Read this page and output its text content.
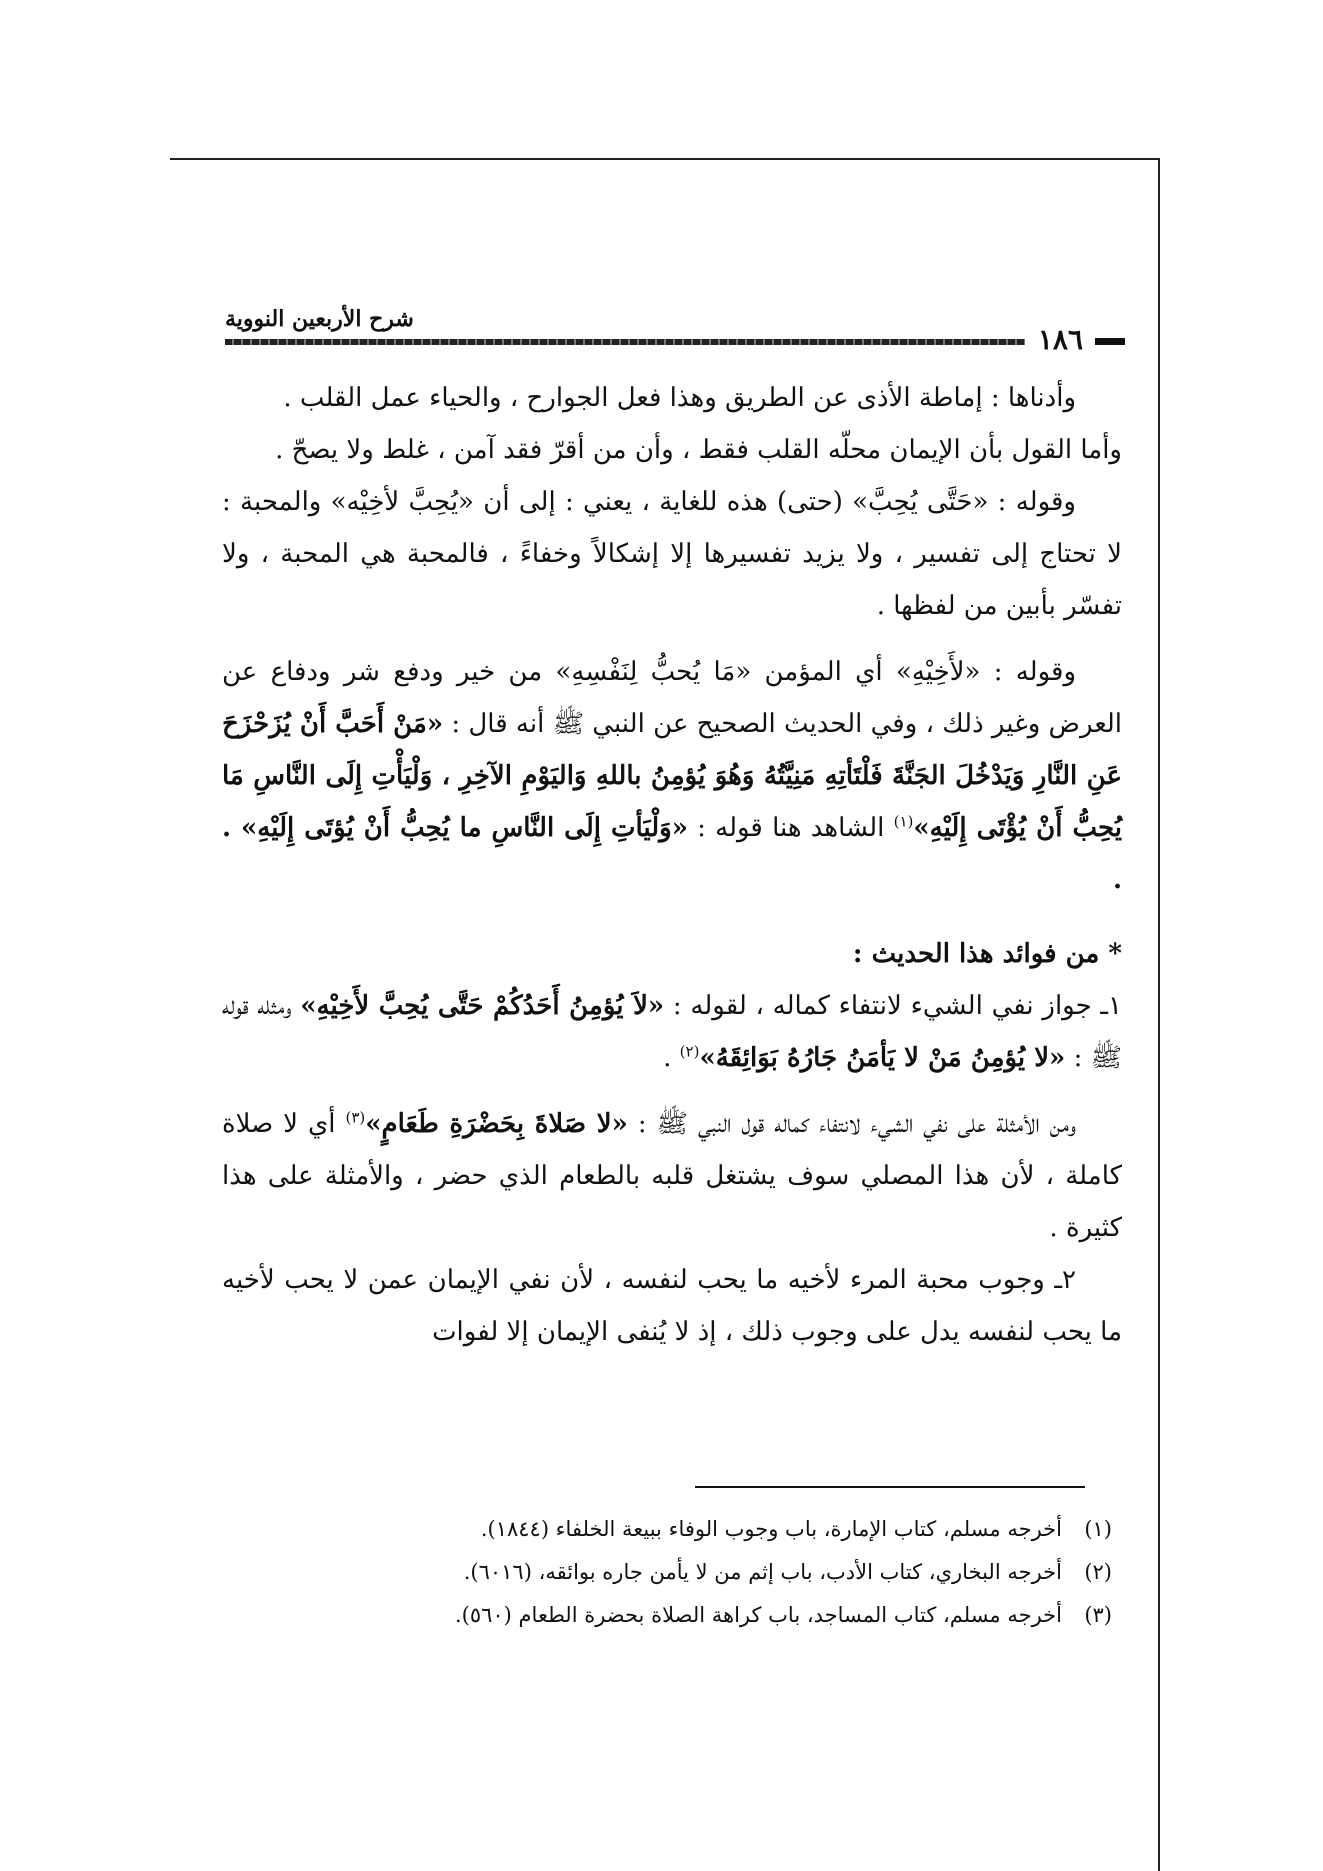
١٨٦
شرح الأربعين النووية

وأدناها : إماطة الأذى عن الطريق وهذا فعل الجوارح ، والحياء عمل القلب .

وأما القول بأن الإيمان محلّه القلب فقط ، وأن من أقرّ فقد آمن ، غلط ولا يصحّ .

وقوله : «حَتَّى يُحِبَّ» (حتى) هذه للغاية ، يعني : إلى أن «يُحِبَّ لأخِيْه» والمحبة : لا تحتاج إلى تفسير ، ولا يزيد تفسيرها إلا إشكالاً وخفاءً ، فالمحبة هي المحبة ، ولا تفسّر بأبين من لفظها .

وقوله : «لأَخِيْهِ» أي المؤمن «مَا يُحبُّ لِنَفْسِهِ» من خير ودفع شر ودفاع عن العرض وغير ذلك ، وفي الحديث الصحيح عن النبي ﷺ أنه قال : «مَنْ أَحَبَّ أَنْ يُزَحْزَحَ عَنِ النَّارِ وَيَدْخُلَ الجَنَّةَ فَلْتَأتِهِ مَنِيَّتُهُ وَهُوَ يُؤمِنُ باللهِ وَاليَوْمِ الآخِرِ ، وَلْيَأْتِ إِلَى النَّاسِ مَا يُحِبُّ أَنْ يُؤْتَى إِلَيْهِ»$^{(١)}$ الشاهد هنا قوله : «وَلْيَأتِ إِلَى النَّاسِ ما يُحِبُّ أَنْ يُؤتَى إِلَيْهِ» . .

* من فوائد هذا الحديث :

١ـ جواز نفي الشيء لانتفاء كماله ، لقوله : «لاَ يُؤمِنُ أَحَدُكُمْ حَتَّى يُحِبَّ لأَخِيْهِ» ومثله قوله ﷺ : «لا يُؤمِنُ مَنْ لا يَأمَنُ جَارُهُ بَوَائِقَهُ»$^{(٢)}$ .

ومن الأمثلة على نفي الشيء لانتفاء كماله قول النبي ﷺ : «لا صَلاةَ بِحَضْرَةِ طَعَامٍ»$^{(٣)}$ أي لا صلاة كاملة ، لأن هذا المصلي سوف يشتغل قلبه بالطعام الذي حضر ، والأمثلة على هذا كثيرة .

٢ـ وجوب محبة المرء لأخيه ما يحب لنفسه ، لأن نفي الإيمان عمن لا يحب لأخيه ما يحب لنفسه يدل على وجوب ذلك ، إذ لا يُنفى الإيمان إلا لفوات

(١)أخرجه مسلم، كتاب الإمارة، باب وجوب الوفاء ببيعة الخلفاء (١٨٤٤).

(٢)أخرجه البخاري، كتاب الأدب، باب إثم من لا يأمن جاره بوائقه، (٦٠١٦).

(٣)أخرجه مسلم، كتاب المساجد، باب كراهة الصلاة بحضرة الطعام (٥٦٠).
